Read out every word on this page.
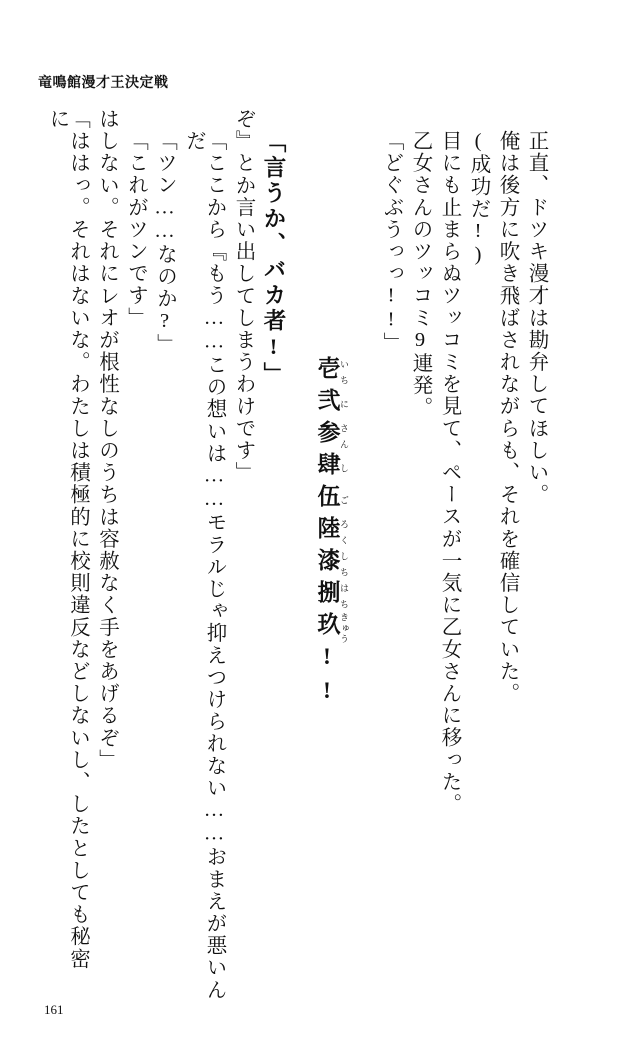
竜鳴館漫才王決定戦
「ははっ。それはないな。わたしは積極的に校則違反などしないし、したとしても秘密に	はしない。それにレオが根性なしのうちは容赦なく手をあげるぞ」 「これがツンです」 「ツン……なのか?」	「ここから『もう……この想いは……モラルじゃ抑えつけられない……おまえが悪いんだ	ぞ』とか言い出してしまうわけです」 「言うか、バカ者!」	壱 いち弐 に参 さん肆 し伍 ご陸 ろく漆 しち捌 はち玖 きゅう!!

「どぐぶうっっ!!」 乙女さんのツッコミ9連発。 目にも止まらぬツッコミを見て、ペースが一気に乙女さんに移った。 (成功だ!) 俺は後方に吹き飛ばされながらも、それを確信していた。 正直、ドツキ漫才は勘弁してほしい。
161
